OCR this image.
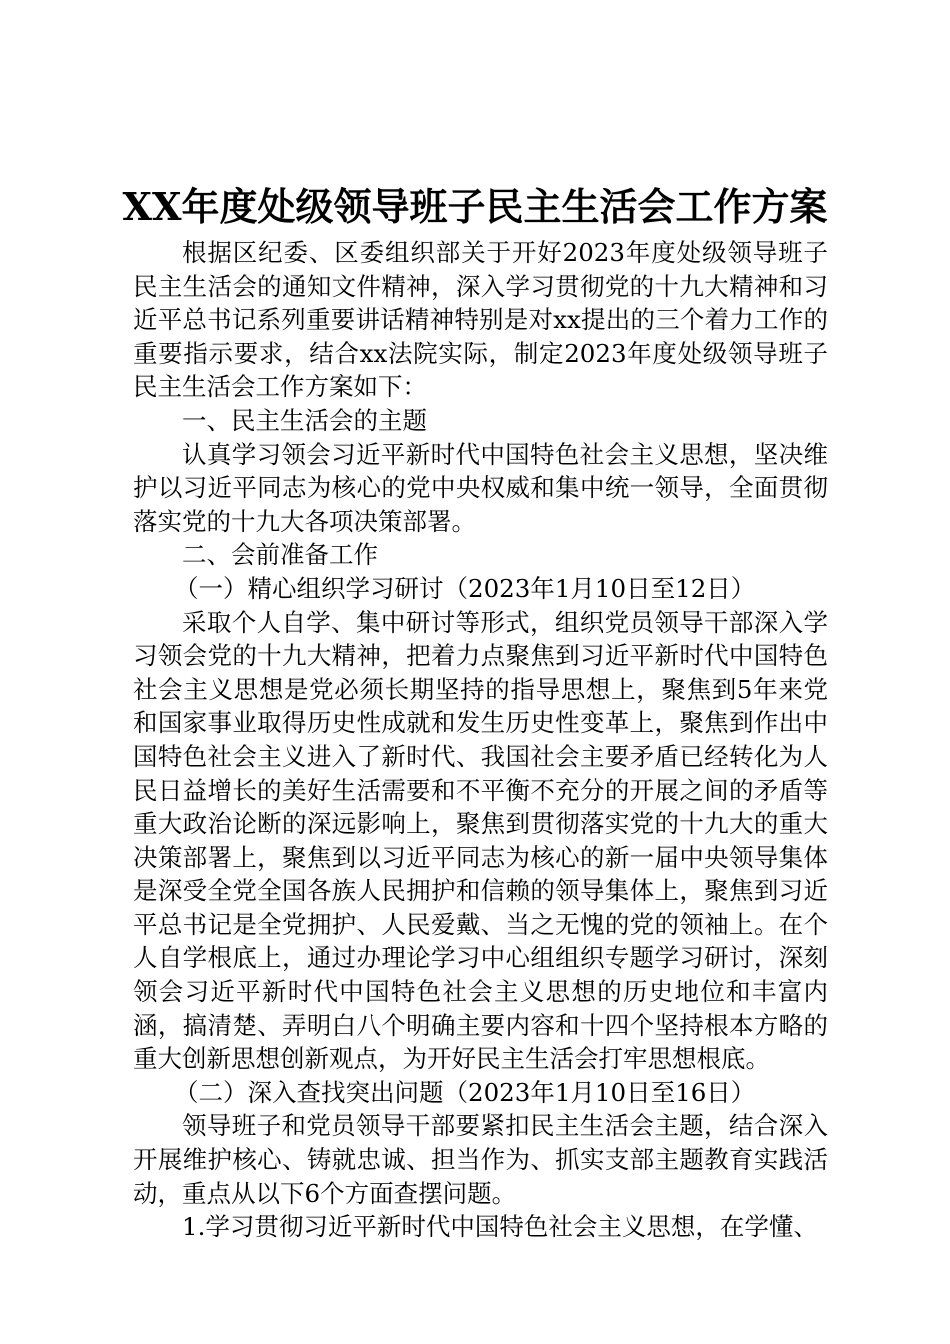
XX年度处级领导班子民主生活会工作方案

根据区纪委、区委组织部关于开好2023年度处级领导班子民主生活会的通知文件精神，深入学习贯彻党的十九大精神和习近平总书记系列重要讲话精神特别是对xx提出的三个着力工作的重要指示要求，结合xx法院实际，制定2023年度处级领导班子民主生活会工作方案如下：

一、民主生活会的主题

认真学习领会习近平新时代中国特色社会主义思想，坚决维护以习近平同志为核心的党中央权威和集中统一领导，全面贯彻落实党的十九大各项决策部署。

二、会前准备工作

（一）精心组织学习研讨（2023年1月10日至12日）

采取个人自学、集中研讨等形式，组织党员领导干部深入学习领会党的十九大精神，把着力点聚焦到习近平新时代中国特色社会主义思想是党必须长期坚持的指导思想上，聚焦到5年来党和国家事业取得历史性成就和发生历史性变革上，聚焦到作出中国特色社会主义进入了新时代、我国社会主要矛盾已经转化为人民日益增长的美好生活需要和不平衡不充分的开展之间的矛盾等重大政治论断的深远影响上，聚焦到贯彻落实党的十九大的重大决策部署上，聚焦到以习近平同志为核心的新一届中央领导集体是深受全党全国各族人民拥护和信赖的领导集体上，聚焦到习近平总书记是全党拥护、人民爱戴、当之无愧的党的领袖上。在个人自学根底上，通过办理论学习中心组组织专题学习研讨，深刻领会习近平新时代中国特色社会主义思想的历史地位和丰富内涵，搞清楚、弄明白八个明确主要内容和十四个坚持根本方略的重大创新思想创新观点，为开好民主生活会打牢思想根底。

（二）深入查找突出问题（2023年1月10日至16日）

领导班子和党员领导干部要紧扣民主生活会主题，结合深入开展维护核心、铸就忠诚、担当作为、抓实支部主题教育实践活动，重点从以下6个方面查摆问题。

1.学习贯彻习近平新时代中国特色社会主义思想，在学懂、
